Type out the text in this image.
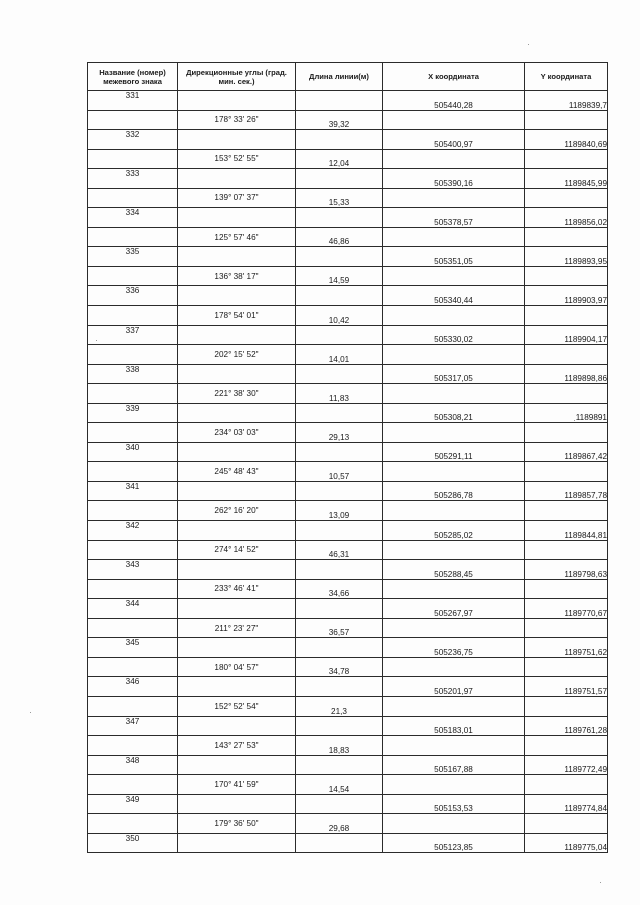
Название (номер) межевого знака	Дирекционные углы (град. мин. сек.)	Длина линии(м)	X координата	Y координата
331			505440,28	1189839,7
	178° 33' 26"	39,32		
332			505400,97	1189840,69
	153° 52' 55"	12,04		
333			505390,16	1189845,99
	139° 07' 37"	15,33		
334			505378,57	1189856,02
	125° 57' 46"	46,86		
335			505351,05	1189893,95
	136° 38' 17"	14,59		
336			505340,44	1189903,97
	178° 54' 01"	10,42		
337			505330,02	1189904,17
	202° 15' 52"	14,01		
338			505317,05	1189898,86
	221° 38' 30"	11,83		
339			505308,21	1189891
	234° 03' 03"	29,13		
340			505291,11	1189867,42
	245° 48' 43"	10,57		
341			505286,78	1189857,78
	262° 16' 20"	13,09		
342			505285,02	1189844,81
	274° 14' 52"	46,31		
343			505288,45	1189798,63
	233° 46' 41"	34,66		
344			505267,97	1189770,67
	211° 23' 27"	36,57		
345			505236,75	1189751,62
	180° 04' 57"	34,78		
346			505201,97	1189751,57
	152° 52' 54"	21,3		
347			505183,01	1189761,28
	143° 27' 53"	18,83		
348			505167,88	1189772,49
	170° 41' 59"	14,54		
349			505153,53	1189774,84
	179° 36' 50"	29,68		
350			505123,85	1189775,04
